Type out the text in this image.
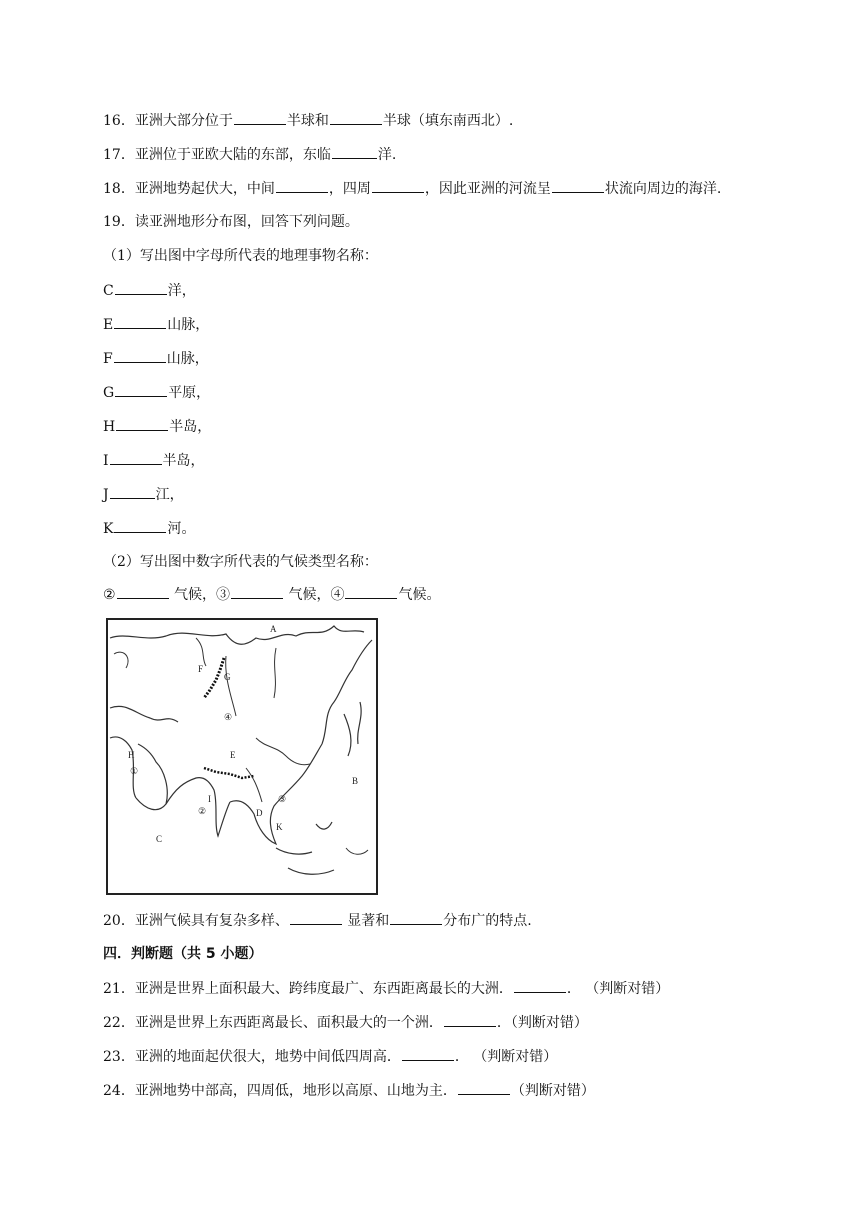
16．亚洲大部分位于	半球和	半球（填东南西北）.
17．亚洲位于亚欧大陆的东部，东临	洋.
18．亚洲地势起伏大，中间	，四周	，因此亚洲的河流呈	状流向周边的海洋.
19．读亚洲地形分布图，回答下列问题。
（1）写出图中字母所代表的地理事物名称：
C	洋，
E	山脉，
F	山脉，
G	平原，
H	半岛，
I	半岛，
J	江，
K	河。
（2）写出图中数字所代表的气候类型名称：
②	气候，③	气候，④	气候。
A
B
C
D
E
F
G
H
I
K
①
②
③
④
20．亚洲气候具有复杂多样、	显著和	分布广的特点.
四．判断题（共 5 小题）
21．亚洲是世界上面积最大、跨纬度最广、东西距离最长的大洲．	． （判断对错）
22．亚洲是世界上东西距离最长、面积最大的一个洲．	．（判断对错）
23．亚洲的地面起伏很大，地势中间低四周高．	． （判断对错）
24．亚洲地势中部高，四周低，地形以高原、山地为主．	（判断对错）
